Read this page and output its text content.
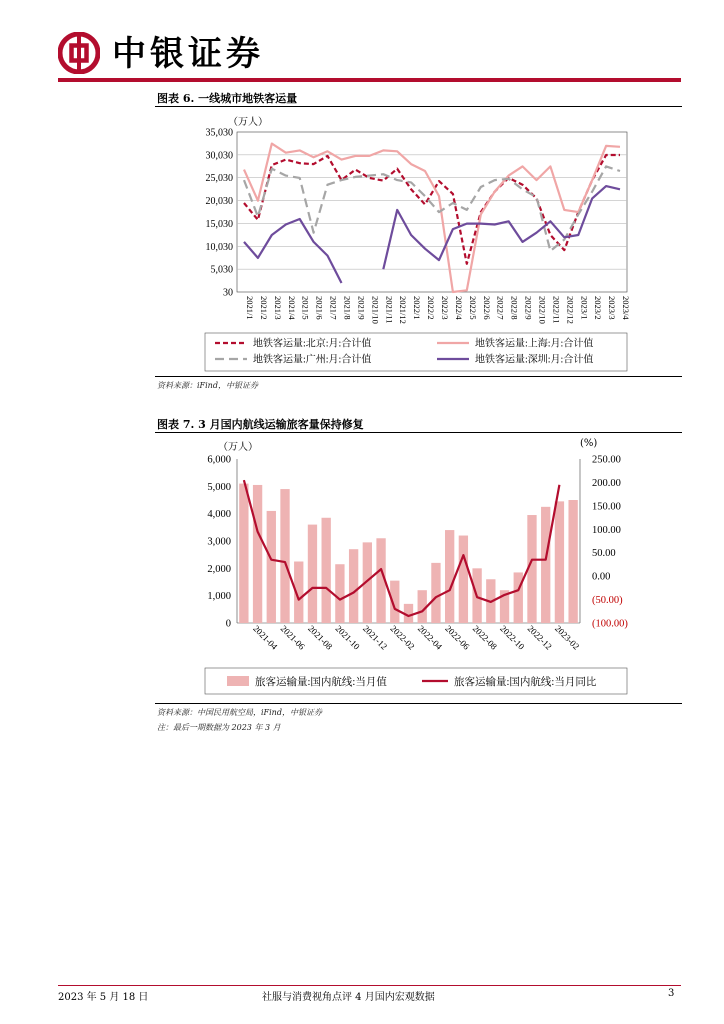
中银证券
图表 6. 一线城市地铁客运量
（万人）
30
5,030
10,030
15,030
20,030
25,030
30,030
35,030
2021/1 2021/2 2021/3 2021/4 2021/5 2021/6 2021/7 2021/8 2021/9 2021/10 2021/11 2021/12 2022/1 2022/2 2022/3 2022/4 2022/5 2022/6 2022/7 2022/8 2022/9 2022/10 2022/11 2022/12 2023/1 2023/2 2023/3 2023/4
地铁客运量:北京:月:合计值	地铁客运量:上海:月:合计值
地铁客运量:广州:月:合计值	地铁客运量:深圳:月:合计值
资料来源：iFind，中银证券
图表 7. 3 月国内航线运输旅客量保持修复
（万人）	(%)
0
1,000
2,000
3,000
4,000
5,000
6,000
(100.00)
(50.00)
0.00
50.00
100.00
150.00
200.00
250.00
2021-04 2021-06 2021-08 2021-10 2021-12 2022-02 2022-04 2022-06 2022-08 2022-10 2022-12 2023-02
旅客运输量:国内航线:当月值	旅客运输量:国内航线:当月同比
资料来源：中国民用航空局，iFind，中银证券
注：最后一期数据为 2023 年 3 月
2023 年 5 月 18 日	社服与消费视角点评 4 月国内宏观数据	3
